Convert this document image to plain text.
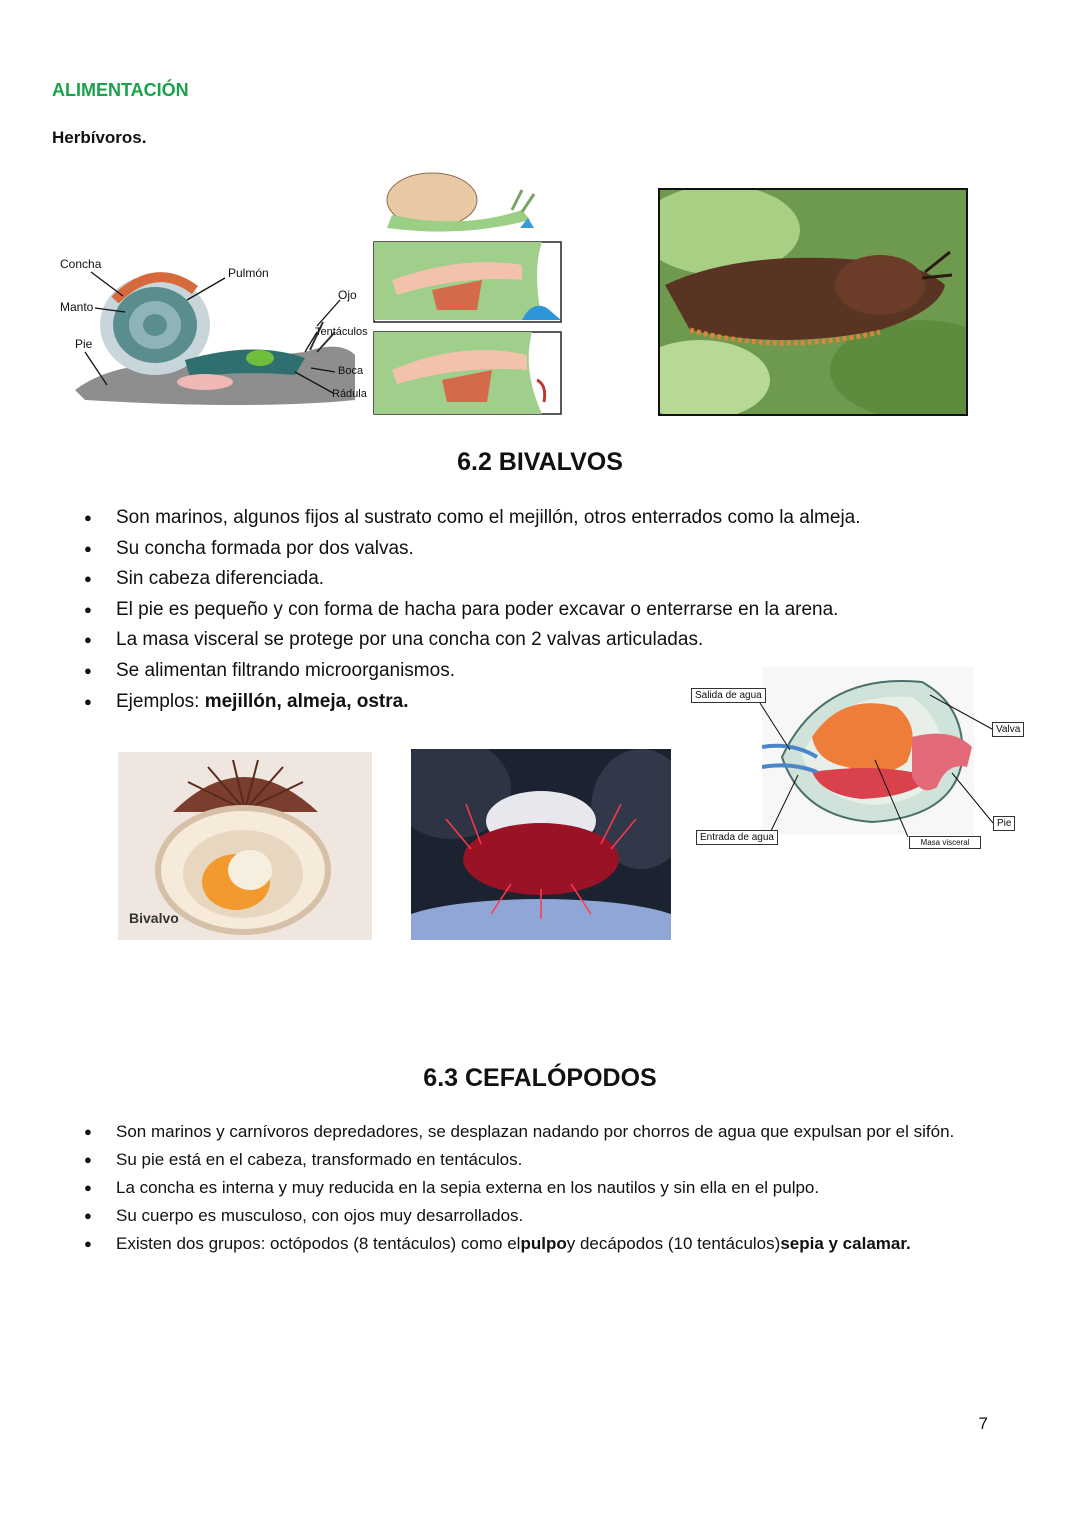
ALIMENTACIÓN
Herbívoros.
Concha
Pulmón
Manto
Pie
Ojo
Tentáculos
Boca
Rádula
6.2 BIVALVOS
● Son marinos, algunos fijos al sustrato como el mejillón, otros enterrados como la almeja.
● Su concha formada por dos valvas.
● Sin cabeza diferenciada.
● El pie es pequeño y con forma de hacha para poder excavar o enterrarse en la arena.
● La masa visceral se protege por una concha con 2 valvas articuladas.
● Se alimentan filtrando microorganismos.
● Ejemplos: mejillón, almeja, ostra.
Bivalvo
Salida de agua
Valva
Pie
Entrada de agua	Masa visceral
6.3 CEFALÓPODOS
● Son marinos y carnívoros depredadores, se desplazan nadando por chorros de agua que expulsan por el sifón.
● Su pie está en el cabeza, transformado en tentáculos.
● La concha es interna y muy reducida en la sepia externa en los nautilos y sin ella en el pulpo.
● Su cuerpo es musculoso, con ojos muy desarrollados.
● Existen dos grupos: octópodos (8 tentáculos) como elpulpoy decápodos (10 tentáculos)sepia y calamar.
7
